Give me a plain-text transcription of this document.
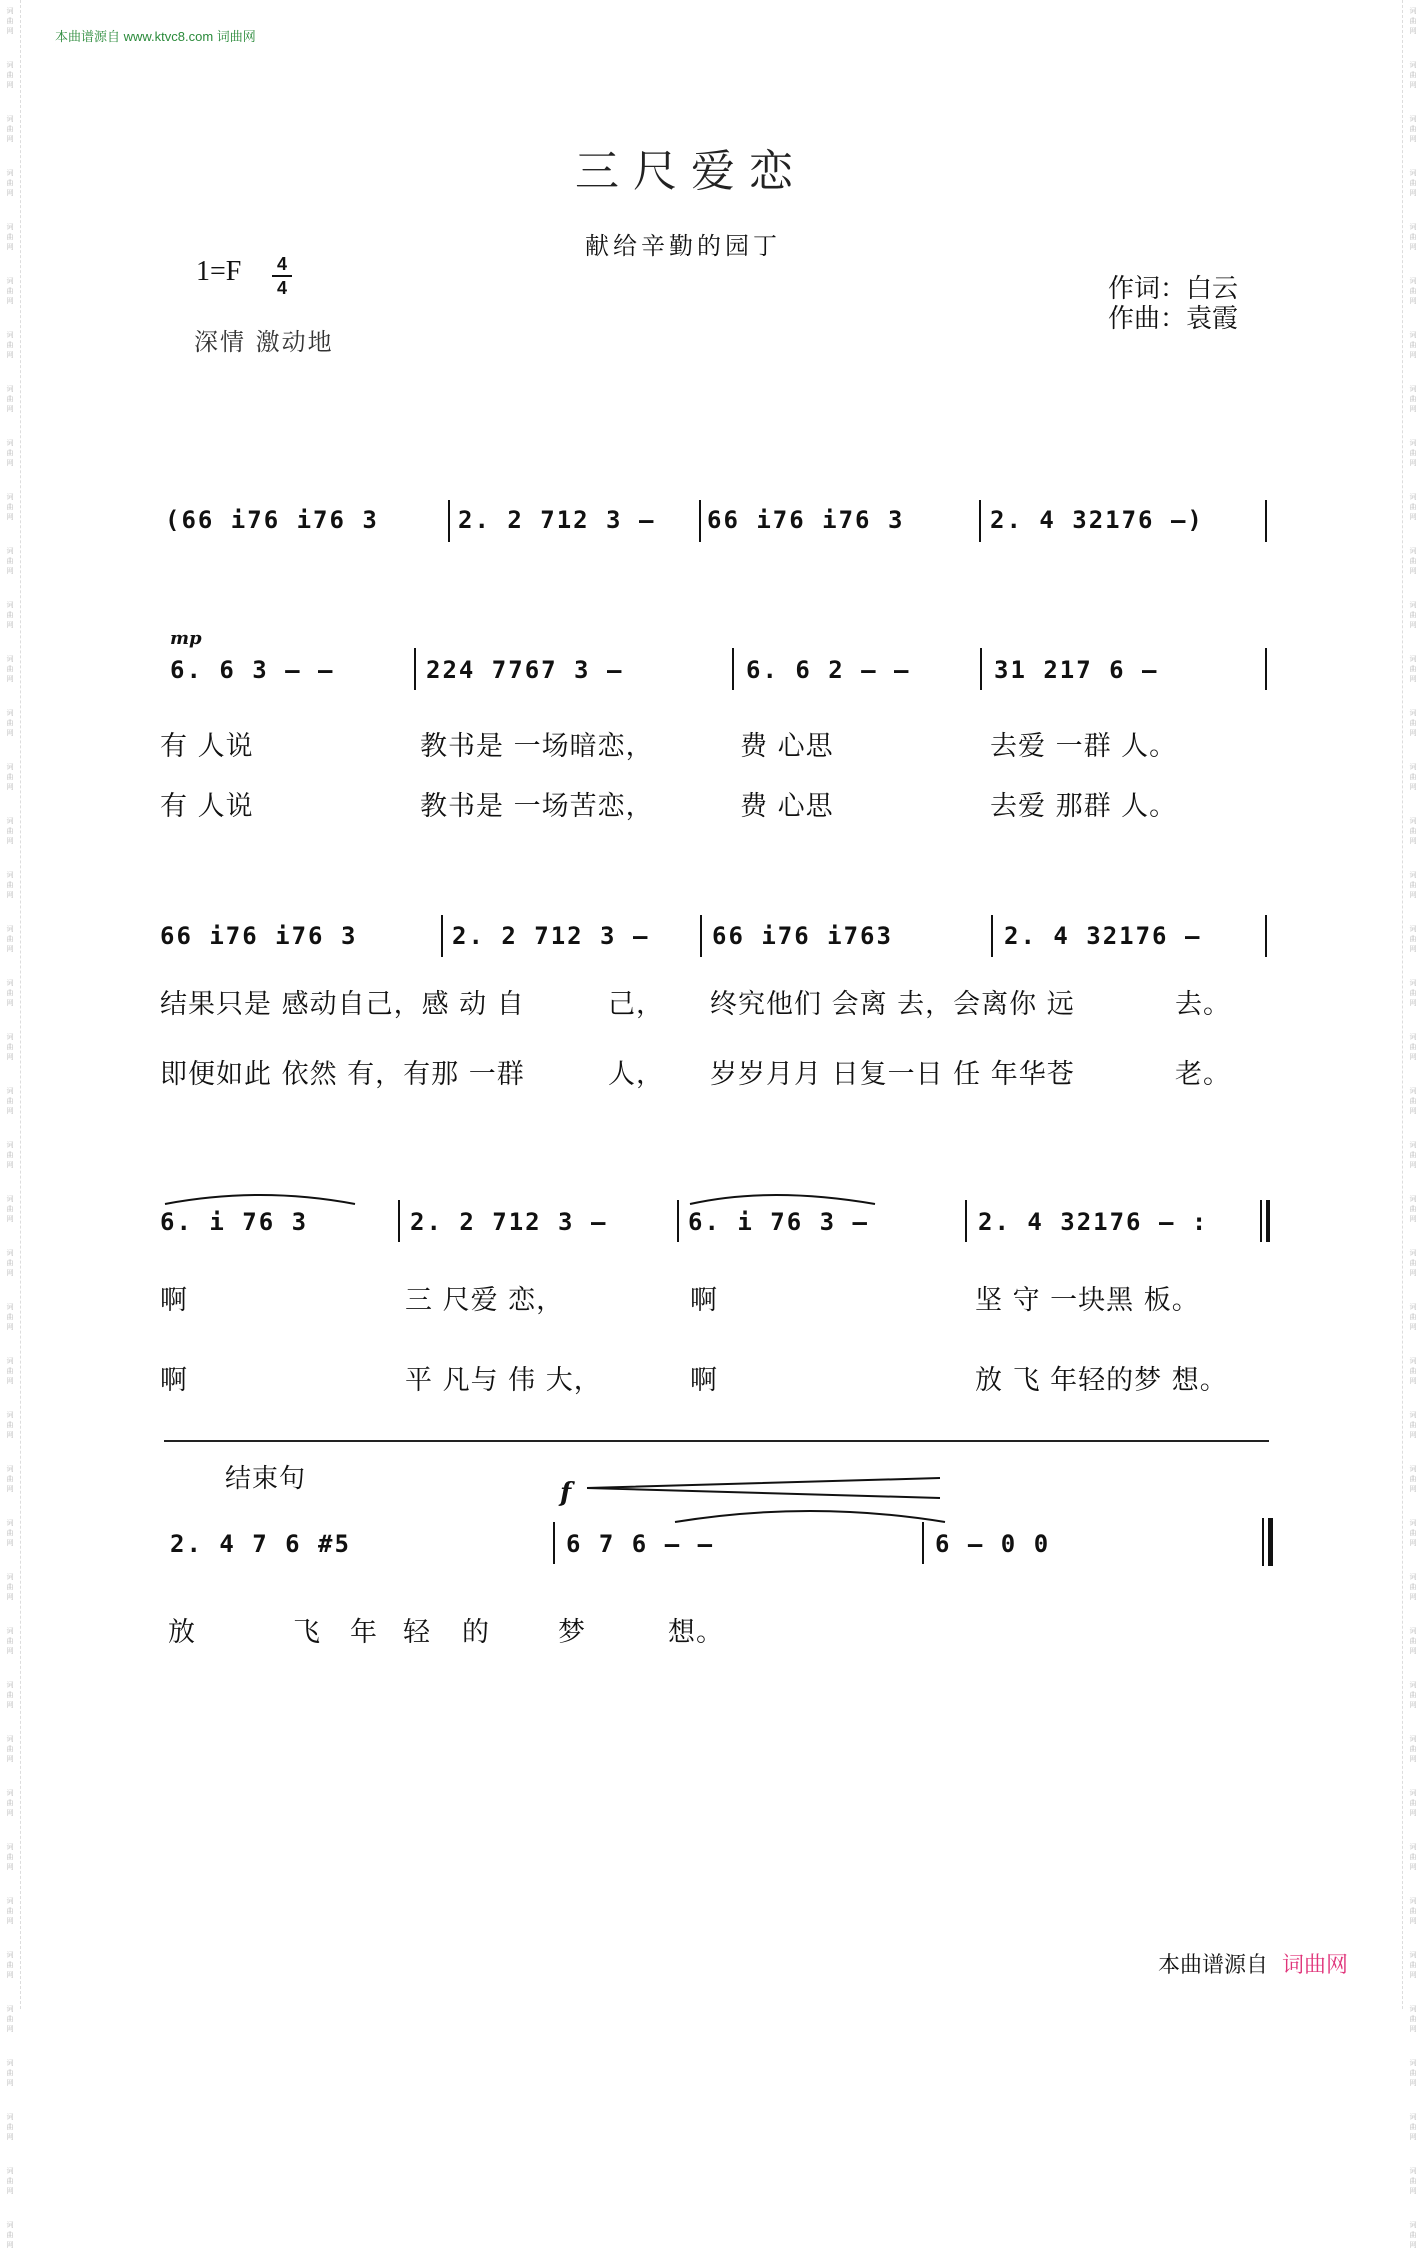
词
曲
网
词
曲
网
词
曲
网
词
曲
网
词
曲
网
词
曲
网
词
曲
网
词
曲
网
词
曲
网
词
曲
网
词
曲
网
词
曲
网
词
曲
网
词
曲
网
词
曲
网
词
曲
网
词
曲
网
词
曲
网
词
曲
网
词
曲
网
词
曲
网
词
曲
网
词
曲
网
词
曲
网
词
曲
网
词
曲
网
词
曲
网
词
曲
网
词
曲
网
词
曲
网
词
曲
网
词
曲
网
词
曲
网
词
曲
网
词
曲
网
词
曲
网
词
曲
网
词
曲
网
词
曲
网
词
曲
网
词
曲
网
词
曲
网
词
曲
网
词
曲
网
词
曲
网
词
曲
网
词
曲
网
词
曲
网
词
曲
网
词
曲
网
词
曲
网
词
曲
网
词
曲
网
词
曲
网
词
曲
网
词
曲
网
词
曲
网
词
曲
网
词
曲
网
词
曲
网
词
曲
网
词
曲
网
词
曲
网
词
曲
网
词
曲
网
词
曲
网
词
曲
网
词
曲
网
词
曲
网
词
曲
网
词
曲
网
词
曲
网
词
曲
网
词
曲
网
词
曲
网
词
曲
网
词
曲
网
词
曲
网
词
曲
网
词
曲
网
词
曲
网
词
曲
网
词
曲
网
词
曲
网
本曲谱源自 www.ktvc8.com 词曲网
三尺爱恋
献给辛勤的园丁
1=F 4
4
深情 激动地
作词：白云
作曲：袁霞
(66 i76 i76 3	2. 2 712 3 – 66 i76 i76 3	2. 4 32176 –)
mp
6. 6 3 – –	224 7767 3 –	6. 6 2 – –	31 217 6 –
有 人说	教书是 一场暗恋，	费 心思	去爱 一群 人。
有 人说	教书是 一场苦恋，	费 心思	去爱 那群 人。
66 i76 i76 3	2. 2 712 3 –	66 i76 i763	2. 4 32176 –
结果只是 感动自己，感 动 自	己， 终究他们 会离 去，会离你 远	去。
即便如此 依然 有，有那 一群	人， 岁岁月月 日复一日 任 年华苍	老。
6. i 76 3	2. 2 712 3 –	6. i 76 3 –	2. 4 32176 – :
啊	三 尺爱 恋，	啊	坚 守 一块黑 板。
啊	平 凡与 伟 大，	啊	放 飞 年轻的梦 想。
结束句	f
2. 4 7 6 #5	6 7 6 – –	6 – 0 0
放	飞 年 轻 的	梦	想。
本曲谱源自 词曲网
